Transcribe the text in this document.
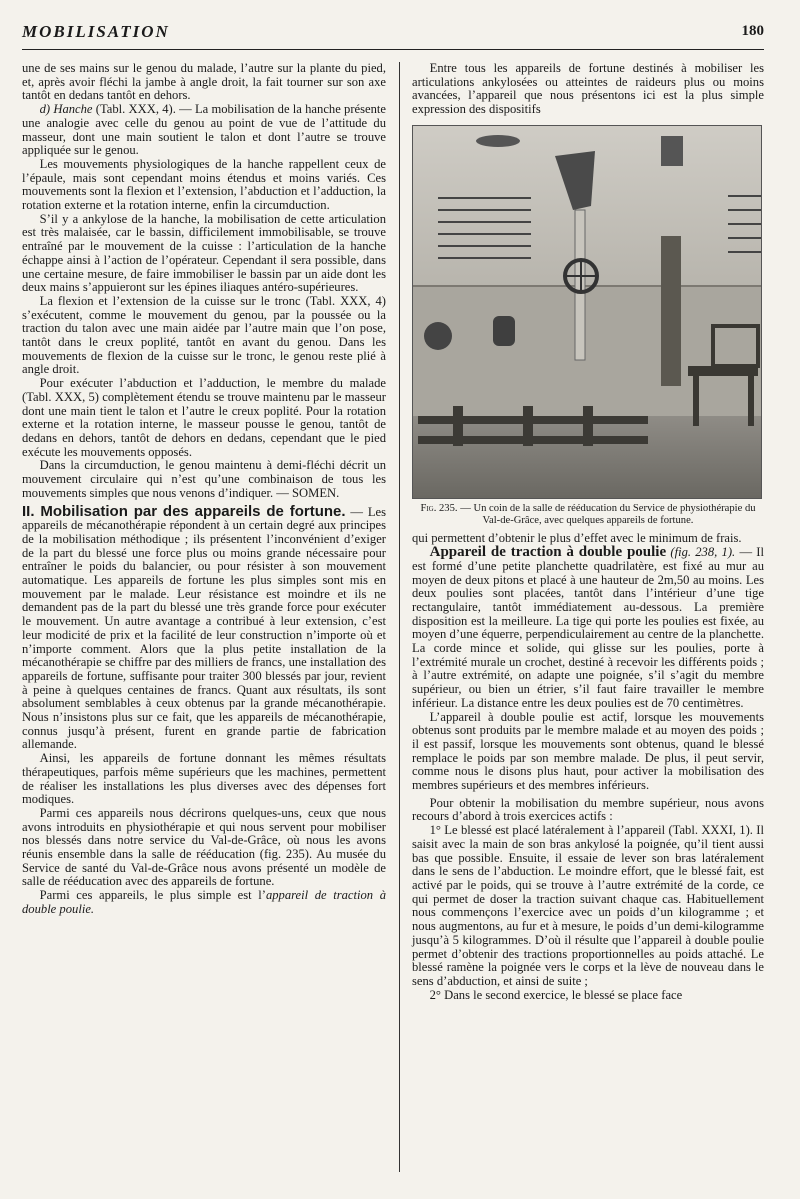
MOBILISATION	180

une de ses mains sur le genou du malade, l’autre sur la plante du pied, et, après avoir fléchi la jambe à angle droit, la fait tourner sur son axe tantôt en dedans tantôt en dehors.

d) Hanche (Tabl. XXX, 4). — La mobilisation de la hanche présente une analogie avec celle du genou au point de vue de l’attitude du masseur, dont une main soutient le talon et dont l’autre se trouve appliquée sur le genou.

Les mouvements physiologiques de la hanche rappellent ceux de l’épaule, mais sont cependant moins étendus et moins variés. Ces mouvements sont la flexion et l’extension, l’abduction et l’adduction, la rotation externe et la rotation interne, enfin la circumduction.

S’il y a ankylose de la hanche, la mobilisation de cette articulation est très malaisée, car le bassin, difficilement immobilisable, se trouve entraîné par le mouvement de la cuisse : l’articulation de la hanche échappe ainsi à l’action de l’opérateur. Cependant il sera possible, dans une certaine mesure, de faire immobiliser le bassin par un aide dont les deux mains s’appuieront sur les épines iliaques antéro-supérieures.

La flexion et l’extension de la cuisse sur le tronc (Tabl. XXX, 4) s’exécutent, comme le mouvement du genou, par la poussée ou la traction du talon avec une main aidée par l’autre main que l’on pose, tantôt dans le creux poplité, tantôt en avant du genou. Dans les mouvements de flexion de la cuisse sur le tronc, le genou reste plié à angle droit.

Pour exécuter l’abduction et l’adduction, le membre du malade (Tabl. XXX, 5) complètement étendu se trouve maintenu par le masseur dont une main tient le talon et l’autre le creux poplité. Pour la rotation externe et la rotation interne, le masseur pousse le genou, tantôt de dedans en dehors, tantôt de dehors en dedans, cependant que le pied exécute les mouvements opposés.

Dans la circumduction, le genou maintenu à demi-fléchi décrit un mouvement circulaire qui n’est qu’une combinaison de tous les mouvements simples que nous venons d’indiquer. — SOMEN.

II. Mobilisation par des appareils de fortune. — Les appareils de mécanothérapie répondent à un certain degré aux principes de la mobilisation méthodique ; ils présentent l’inconvénient d’exiger de la part du blessé une force plus ou moins grande nécessaire pour entraîner le poids du balancier, ou pour résister à son mouvement automatique. Les appareils de fortune les plus simples sont mis en mouvement par le malade. Leur résistance est moindre et ils ne demandent pas de la part du blessé une très grande force pour exécuter le mouvement. Un autre avantage a contribué à leur extension, c’est leur modicité de prix et la facilité de leur construction n’importe où et n’importe comment. Alors que la plus petite installation de la mécanothérapie se chiffre par des milliers de francs, une installation des appareils de fortune, suffisante pour traiter 300 blessés par jour, revient à peine à quelques centaines de francs. Quant aux résultats, ils sont absolument semblables à ceux obtenus par la grande mécanothérapie. Nous n’insistons plus sur ce fait, que les appareils de mécanothérapie, connus jusqu’à présent, furent en grande partie de fabrication allemande.

Ainsi, les appareils de fortune donnant les mêmes résultats thérapeutiques, parfois même supérieurs que les machines, permettent de réaliser les installations les plus diverses avec des dépenses fort modiques.

Parmi ces appareils nous décrirons quelques-uns, ceux que nous avons introduits en physiothérapie et qui nous servent pour mobiliser nos blessés dans notre service du Val-de-Grâce, où nous les avons réunis ensemble dans la salle de rééducation (fig. 235). Au musée du Service de santé du Val-de-Grâce nous avons présenté un modèle de salle de rééducation avec des appareils de fortune.

Parmi ces appareils, le plus simple est l’appareil de traction à double poulie.

Entre tous les appareils de fortune destinés à mobiliser les articulations ankylosées ou atteintes de raideurs plus ou moins avancées, l’appareil que nous présentons ici est la plus simple expression des dispositifs

Fig. 235. — Un coin de la salle de rééducation du Service de physiothérapie du Val-de-Grâce, avec quelques appareils de fortune.

qui permettent d’obtenir le plus d’effet avec le minimum de frais.

Appareil de traction à double poulie (fig. 238, 1). — Il est formé d’une petite planchette quadrilatère, est fixé au mur au moyen de deux pitons et placé à une hauteur de 2m,50 au moins. Les deux poulies sont placées, tantôt dans l’intérieur d’une tige rectangulaire, tantôt immédiatement au-dessous. La première disposition est la meilleure. La tige qui porte les poulies est fixée, au moyen d’une équerre, perpendiculairement au centre de la planchette. La corde mince et solide, qui glisse sur les poulies, porte à l’extrémité murale un crochet, destiné à recevoir les différents poids ; à l’autre extrémité, on adapte une poignée, s’il s’agit du membre supérieur, ou bien un étrier, s’il faut faire travailler le membre inférieur. La distance entre les deux poulies est de 70 centimètres.

L’appareil à double poulie est actif, lorsque les mouvements obtenus sont produits par le membre malade et au moyen des poids ; il est passif, lorsque les mouvements sont obtenus, quand le blessé remplace le poids par son membre malade. De plus, il peut servir, comme nous le disons plus haut, pour activer la mobilisation des membres supérieurs et des membres inférieurs.

Pour obtenir la mobilisation du membre supérieur, nous avons recours d’abord à trois exercices actifs :

1° Le blessé est placé latéralement à l’appareil (Tabl. XXXI, 1). Il saisit avec la main de son bras ankylosé la poignée, qu’il tient aussi bas que possible. Ensuite, il essaie de lever son bras latéralement dans le sens de l’abduction. Le moindre effort, que le blessé fait, est activé par le poids, qui se trouve à l’autre extrémité de la corde, ce qui permet de doser la traction suivant chaque cas. Habituellement nous commençons l’exercice avec un poids d’un kilogramme ; et nous augmentons, au fur et à mesure, le poids d’un demi-kilogramme jusqu’à 5 kilogrammes. D’où il résulte que l’appareil à double poulie permet d’obtenir des tractions proportionnelles au poids attaché. Le blessé ramène la poignée vers le corps et la lève de nouveau dans le sens d’abduction, et ainsi de suite ;

2° Dans le second exercice, le blessé se place face
